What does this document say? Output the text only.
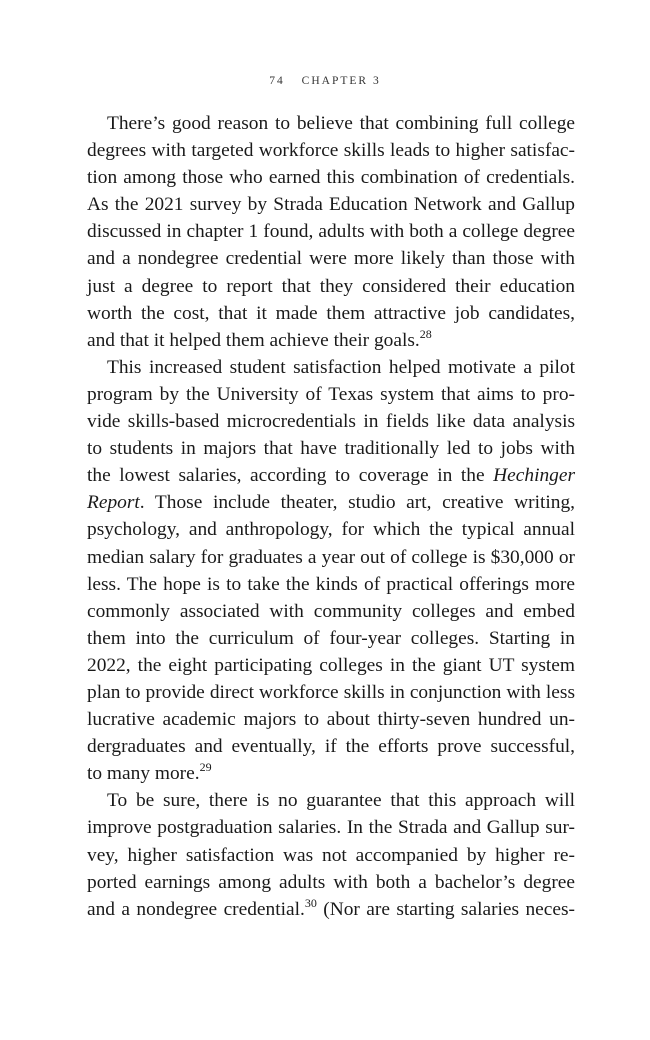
74 CHAPTER 3
There’s good reason to believe that combining full college
degrees with targeted workforce skills leads to higher satisfac-
tion among those who earned this combination of credentials.
As the 2021 survey by Strada Education Network and Gallup
discussed in chapter 1 found, adults with both a college degree
and a nondegree credential were more likely than those with
just a degree to report that they considered their education
worth the cost, that it made them attractive job candidates,
and that it helped them achieve their goals.$^{28}$
This increased student satisfaction helped motivate a pilot
program by the University of Texas system that aims to pro-
vide skills-based microcredentials in fields like data analysis
to students in majors that have traditionally led to jobs with
the lowest salaries, according to coverage in the Hechinger
Report. Those include theater, studio art, creative writing,
psychology, and anthropology, for which the typical annual
median salary for graduates a year out of college is $30,000 or
less. The hope is to take the kinds of practical offerings more
commonly associated with community colleges and embed
them into the curriculum of four-year colleges. Starting in
2022, the eight participating colleges in the giant UT system
plan to provide direct workforce skills in conjunction with less
lucrative academic majors to about thirty-seven hundred un-
dergraduates and eventually, if the efforts prove successful,
to many more.$^{29}$
To be sure, there is no guarantee that this approach will
improve postgraduation salaries. In the Strada and Gallup sur-
vey, higher satisfaction was not accompanied by higher re-
ported earnings among adults with both a bachelor’s degree
and a nondegree credential.$^{30}$ (Nor are starting salaries neces-
